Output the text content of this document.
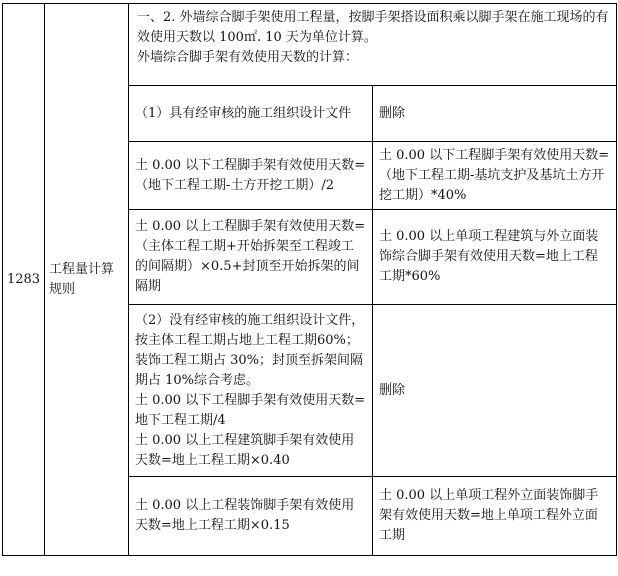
1283	工程量计算规则	一、2. 外墙综合脚手架使用工程量，按脚手架搭设面积乘以脚手架在施工现场的有效使用天数以 100㎡. 10 天为单位计算。
外墙综合脚手架有效使用天数的计算：	

		（1）具有经审核的施工组织设计文件	删除
		土 0.00 以下工程脚手架有效使用天数=（地下工程工期-土方开挖工期）/2	土 0.00 以下工程脚手架有效使用天数=（地下工程工期-基坑支护及基坑土方开挖工期）*40%
		土 0.00 以上工程脚手架有效使用天数=（主体工程工期+开始拆架至工程竣工的间隔期）×0.5+封顶至开始拆架的间隔期	土 0.00 以上单项工程建筑与外立面装饰综合脚手架有效使用天数=地上工程工期*60%

		（2）没有经审核的施工组织设计文件，按主体工程工期占地上工程工期60%；装饰工程工期占 30%；封顶至拆架间隔期占 10%综合考虑。
土 0.00 以下工程脚手架有效使用天数=地下工程工期/4
土 0.00 以上工程建筑脚手架有效使用天数=地上工程工期×0.40	删除
		土 0.00 以上工程装饰脚手架有效使用天数=地上工程工期×0.15	土 0.00 以上单项工程外立面装饰脚手架有效使用天数=地上单项工程外立面工期
